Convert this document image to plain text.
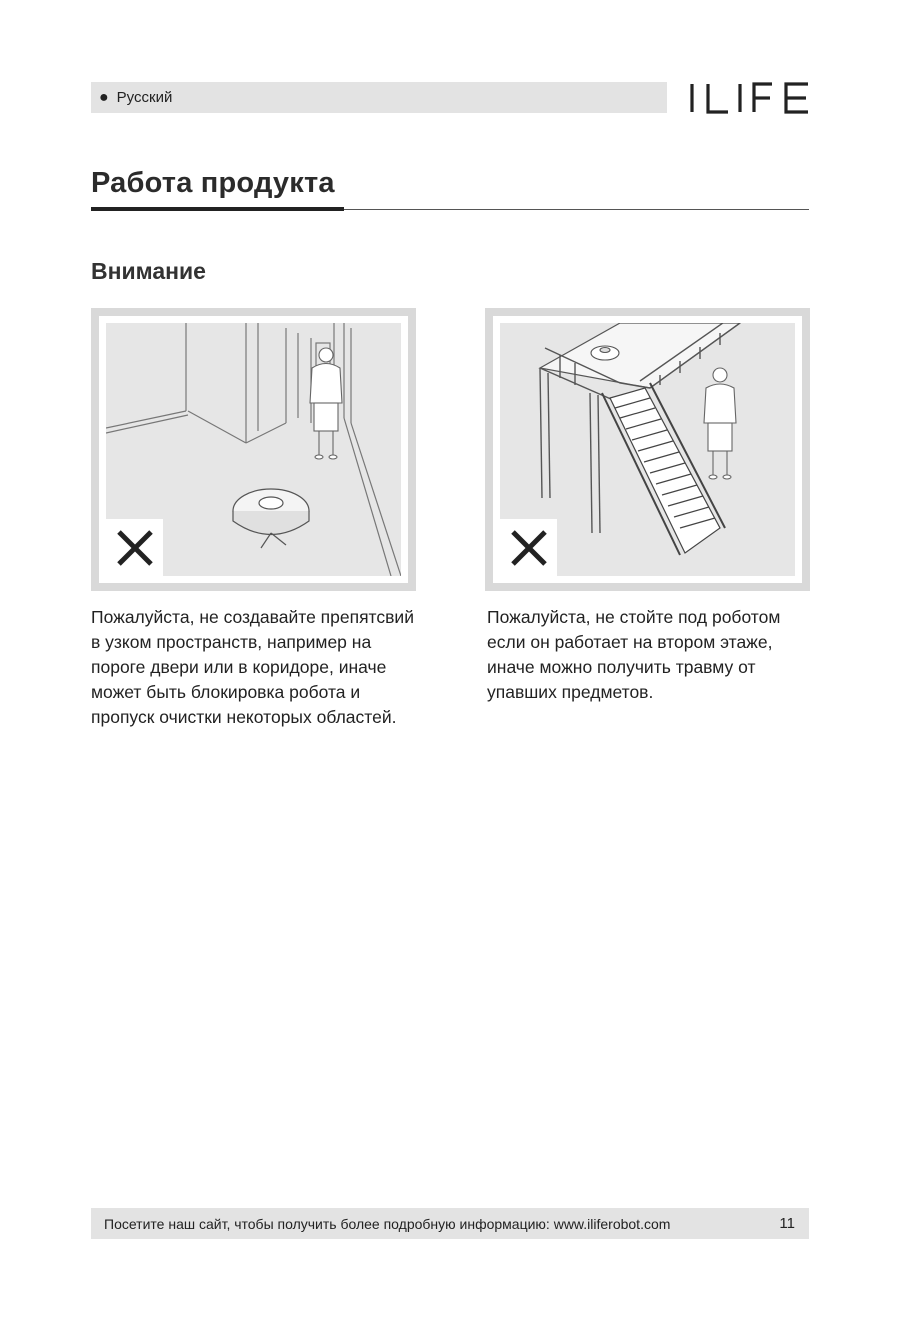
● Русский
Работа продукта
Внимание
Пожалуйста, не создавайте препятсвий в узком пространств, например на пороге двери или в коридоре, иначе может быть блокировка робота и пропуск очистки некоторых областей.
Пожалуйста, не стойте под роботом если он работает на втором этаже, иначе можно получить травму от упавших предметов.
Посетите наш сайт, чтобы получить более подробную информацию: www.iliferobot.com	11
